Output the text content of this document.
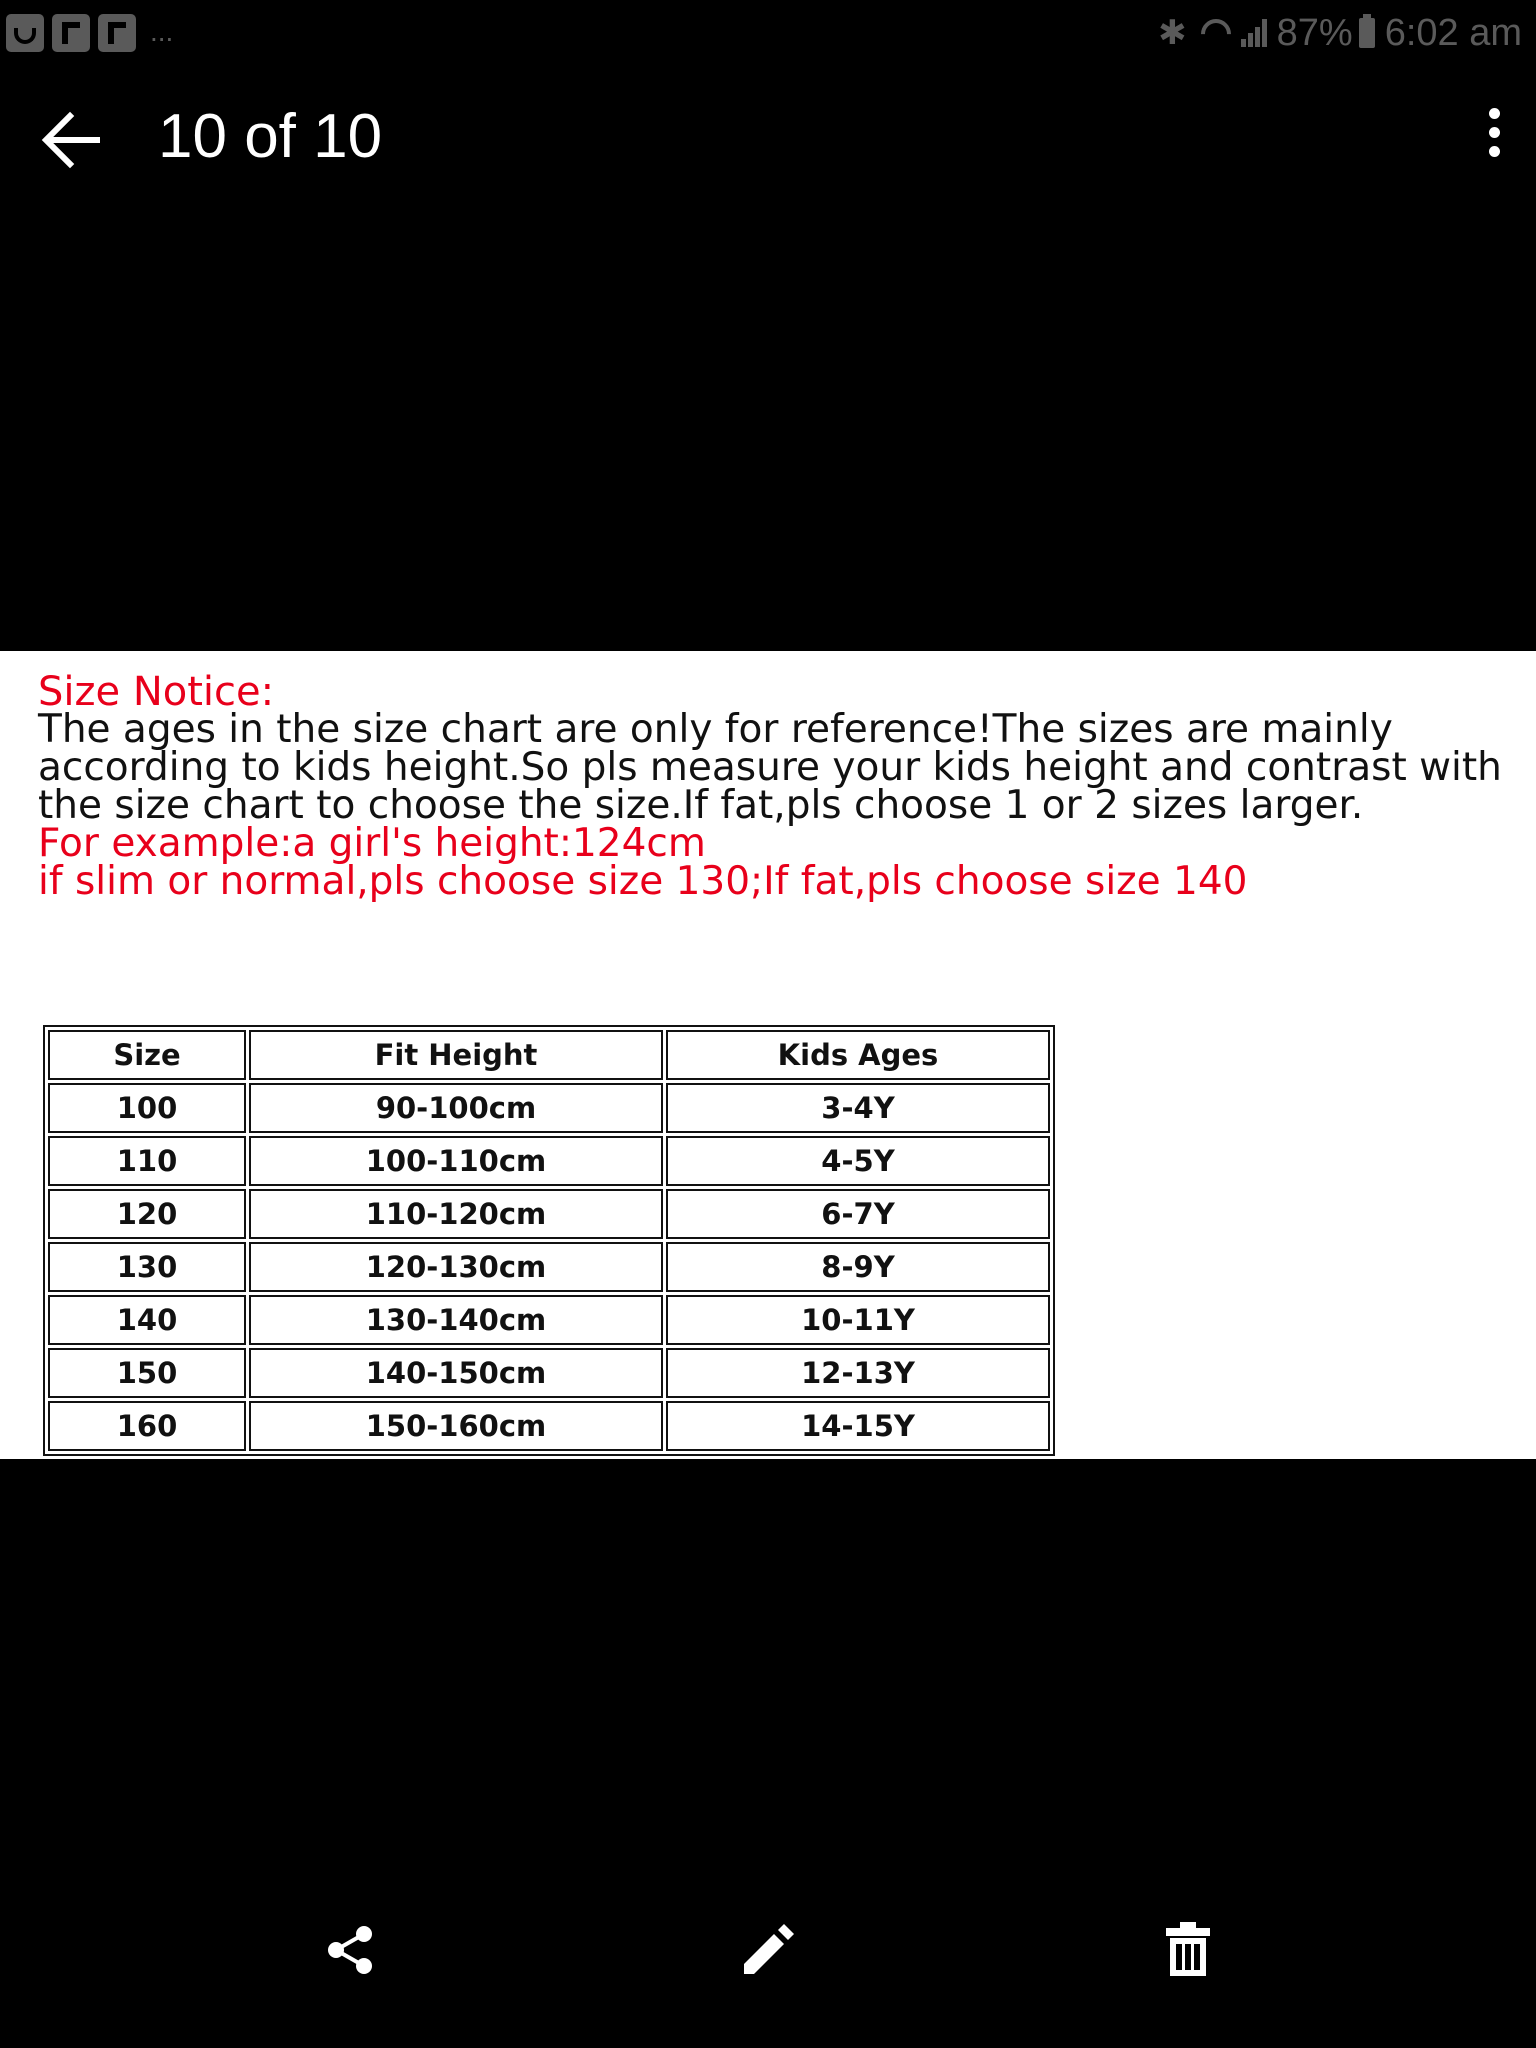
...	✱ 87% 6:02 am
10 of 10

Size Notice:

The ages in the size chart are only for reference!The sizes are mainly according to kids height.So pls measure your kids height and contrast with the size chart to choose the size.If fat,pls choose 1 or 2 sizes larger.

For example:a girl's height:124cm

if slim or normal,pls choose size 130;If fat,pls choose size 140

Size	Fit Height	Kids Ages
100	90-100cm	3-4Y
110	100-110cm	4-5Y
120	110-120cm	6-7Y
130	120-130cm	8-9Y
140	130-140cm	10-11Y
150	140-150cm	12-13Y
160	150-160cm	14-15Y
